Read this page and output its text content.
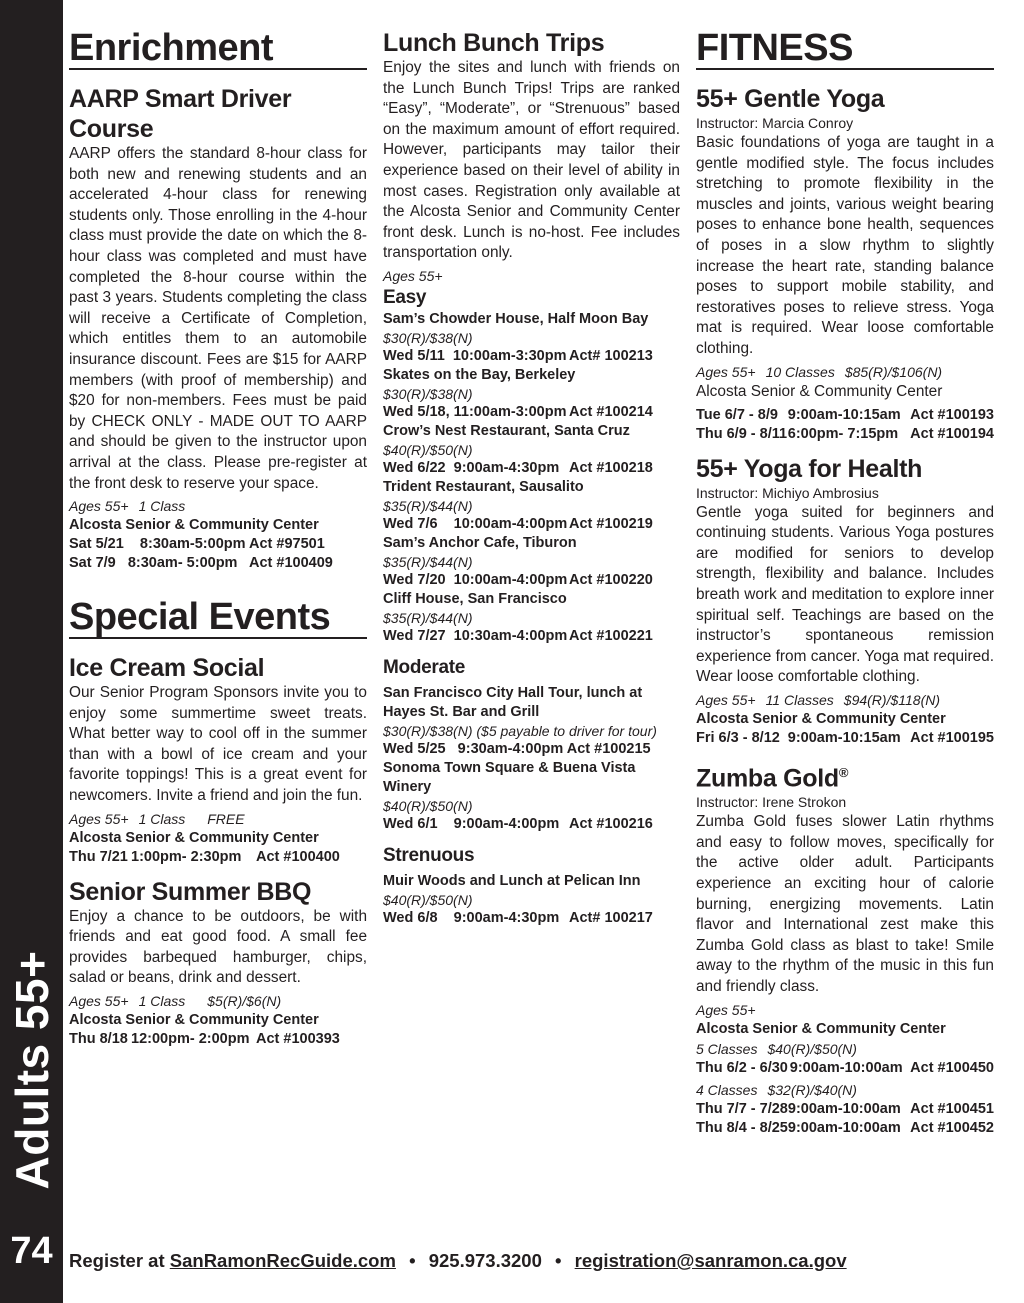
Adults 55+
74
Enrichment
AARP Smart Driver Course

AARP offers the standard 8-hour class for both new and renewing students and an accelerated 4-hour class for renewing students only. Those enrolling in the 4-hour class must provide the date on which the 8-hour class was completed and must have completed the 8-hour course within the past 3 years. Students completing the class will receive a Certificate of Completion, which entitles them to an automobile insurance discount. Fees are $15 for AARP members (with proof of membership) and $20 for non-members. Fees must be paid by CHECK ONLY - MADE OUT TO AARP and should be given to the instructor upon arrival at the class. Please pre-register at the front desk to reserve your space.

Ages 55+ 1 Class

Alcosta Senior & Community Center

Sat 5/21    8:30am-5:00pm Act #97501

Sat 7/9   8:30am- 5:00pm   Act #100409

Special Events
Ice Cream Social

Our Senior Program Sponsors invite you to enjoy some summertime sweet treats. What better way to cool off in the summer than with a bowl of ice cream and your favorite toppings! This is a great event for newcomers. Invite a friend and join the fun.

Ages 55+ 1 Class FREE

Alcosta Senior & Community Center

Thu 7/21 1:00pm- 2:30pm	Act #100400

Senior Summer BBQ

Enjoy a chance to be outdoors, be with friends and eat good food. A small fee provides barbequed hamburger, chips, salad or beans, drink and dessert.

Ages 55+ 1 Class $5(R)/$6(N)

Alcosta Senior & Community Center

Thu 8/18 12:00pm- 2:00pm Act #100393

Lunch Bunch Trips

Enjoy the sites and lunch with friends on the Lunch Bunch Trips! Trips are ranked “Easy”, “Moderate”, or “Strenuous” based on the maximum amount of effort required. However, participants may tailor their experience based on their level of ability in most cases. Registration only available at the Alcosta Senior and Community Center front desk. Lunch is no-host. Fee includes transportation only.

Ages 55+

Easy

Sam’s Chowder House, Half Moon Bay

$30(R)/$38(N)

Wed 5/11  10:00am-3:30pm Act# 100213

Skates on the Bay, Berkeley

$30(R)/$38(N)

Wed 5/18, 11:00am-3:00pm Act #100214

Crow’s Nest Restaurant, Santa Cruz

$40(R)/$50(N)

Wed 6/22  9:00am-4:30pm Act #100218

Trident Restaurant, Sausalito

$35(R)/$44(N)

Wed 7/6    10:00am-4:00pm Act #100219

Sam’s Anchor Cafe, Tiburon

$35(R)/$44(N)

Wed 7/20  10:00am-4:00pm Act #100220

Cliff House, San Francisco

$35(R)/$44(N)

Wed 7/27  10:30am-4:00pm Act #100221

Moderate

San Francisco City Hall Tour, lunch at Hayes St. Bar and Grill

$30(R)/$38(N) ($5 payable to driver for tour)

Wed 5/25   9:30am-4:00pm Act #100215

Sonoma Town Square & Buena Vista Winery

$40(R)/$50(N)

Wed 6/1    9:00am-4:00pm Act #100216

Strenuous

Muir Woods and Lunch at Pelican Inn

$40(R)/$50(N)

Wed 6/8    9:00am-4:30pm Act# 100217

FITNESS
55+ Gentle Yoga

Instructor: Marcia Conroy

Basic foundations of yoga are taught in a gentle modified style. The focus includes stretching to promote flexibility in the muscles and joints, various weight bearing poses to enhance bone health, sequences of poses in a slow rhythm to slightly increase the heart rate, standing balance poses to support mobile stability, and restoratives poses to relieve stress. Yoga mat is required. Wear loose comfortable clothing.

Ages 55+ 10 Classes $85(R)/$106(N)

Alcosta Senior & Community Center

Tue 6/7 - 8/9 9:00am-10:15am Act #100193

Thu 6/9 - 8/11 6:00pm- 7:15pm Act #100194

55+ Yoga for Health

Instructor: Michiyo Ambrosius

Gentle yoga suited for beginners and continuing students. Various Yoga postures are modified for seniors to develop strength, flexibility and balance. Includes breath work and meditation to explore inner spiritual self. Teachings are based on the instructor’s spontaneous remission experience from cancer. Yoga mat required. Wear loose comfortable clothing.

Ages 55+ 11 Classes $94(R)/$118(N)

Alcosta Senior & Community Center

Fri 6/3 - 8/12 9:00am-10:15am Act #100195

Zumba Gold®

Instructor: Irene Strokon

Zumba Gold fuses slower Latin rhythms and easy to follow moves, specifically for the active older adult. Participants experience an exciting hour of calorie burning, energizing movements. Latin flavor and International zest make this Zumba Gold class as blast to take! Smile away to the rhythm of the music in this fun and friendly class.

Ages 55+

Alcosta Senior & Community Center

5 Classes $40(R)/$50(N)

Thu 6/2 - 6/30 9:00am-10:00am Act #100450

4 Classes $32(R)/$40(N)

Thu 7/7 - 7/28 9:00am-10:00am Act #100451

Thu 8/4 - 8/25 9:00am-10:00am Act #100452

Register at SanRamonRecGuide.com • 925.973.3200 • registration@sanramon.ca.gov
